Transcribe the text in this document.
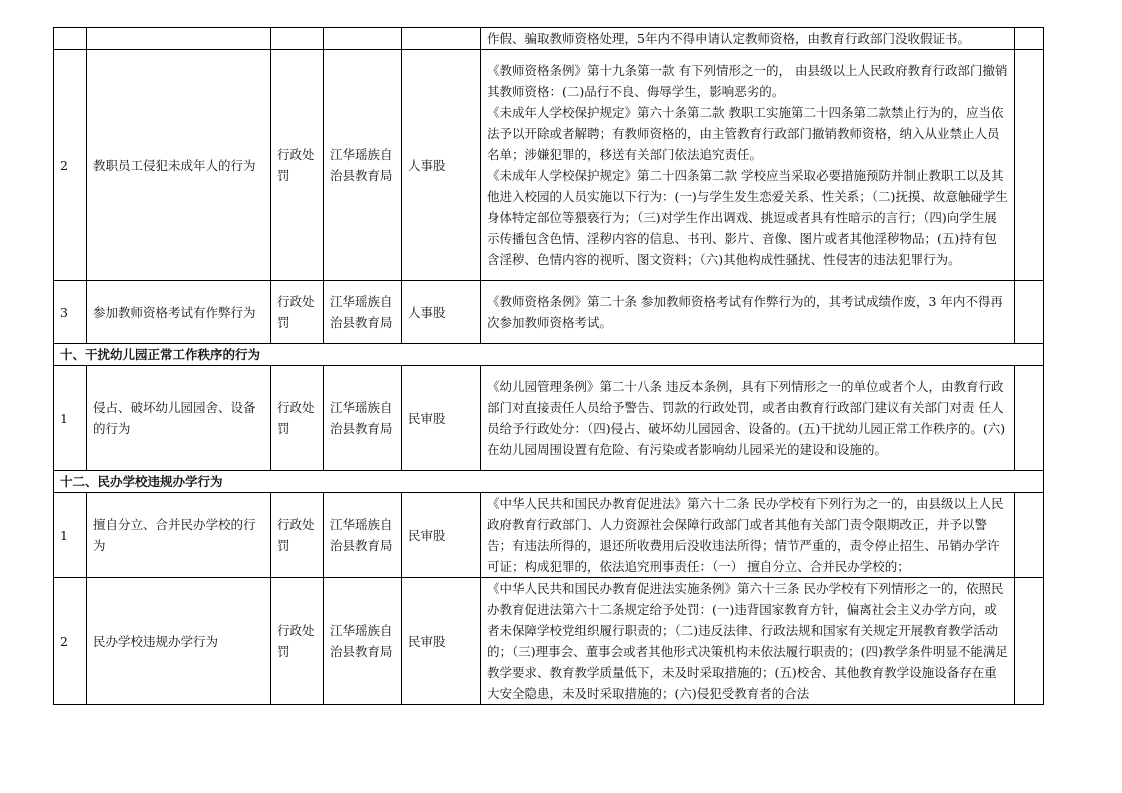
					作假、骗取教师资格处理，5年内不得申请认定教师资格，由教育行政部门没收假证书。	
2	教职员工侵犯未成年人的行为	行政处罚	江华瑶族自治县教育局	人事股	《教师资格条例》第十九条第一款 有下列情形之一的， 由县级以上人民政府教育行政部门撤销其教师资格：(二)品行不良、侮辱学生，影响恶劣的。
《未成年人学校保护规定》第六十条第二款 教职工实施第二十四条第二款禁止行为的，应当依法予以开除或者解聘；有教师资格的，由主管教育行政部门撤销教师资格，纳入从业禁止人员名单；涉嫌犯罪的，移送有关部门依法追究责任。
《未成年人学校保护规定》第二十四条第二款 学校应当采取必要措施预防并制止教职工以及其他进入校园的人员实施以下行为：(一)与学生发生恋爱关系、性关系；（二)抚摸、故意触碰学生身体特定部位等猥亵行为；（三)对学生作出调戏、挑逗或者具有性暗示的言行；（四)向学生展示传播包含色情、淫秽内容的信息、书刊、影片、音像、图片或者其他淫秽物品；(五)持有包含淫秽、色情内容的视听、图文资料；（六)其他构成性骚扰、性侵害的违法犯罪行为。	

3	参加教师资格考试有作弊行为	行政处罚	江华瑶族自治县教育局	人事股	《教师资格条例》第二十条 参加教师资格考试有作弊行为的，其考试成绩作废，3 年内不得再次参加教师资格考试。	
十、干扰幼儿园正常工作秩序的行为						
1	侵占、破坏幼儿园园舍、设备的行为	行政处罚	江华瑶族自治县教育局	民审股	《幼儿园管理条例》第二十八条 违反本条例，具有下列情形之一的单位或者个人，由教育行政部门对直接责任人员给予警告、罚款的行政处罚，或者由教育行政部门建议有关部门对责 任人员给予行政处分：（四)侵占、破坏幼儿园园舍、设备的。(五)干扰幼儿园正常工作秩序的。(六)在幼儿园周围设置有危险、有污染或者影响幼儿园采光的建设和设施的。	
十二、民办学校违规办学行为						
1	擅自分立、合并民办学校的行为	行政处罚	江华瑶族自治县教育局	民审股	《中华人民共和国民办教育促进法》第六十二条 民办学校有下列行为之一的，由县级以上人民政府教育行政部门、人力资源社会保障行政部门或者其他有关部门责令限期改正，并予以警告；有违法所得的，退还所收费用后没收违法所得；情节严重的，责令停止招生、吊销办学许可证；构成犯罪的，依法追究刑事责任：（一） 擅自分立、合并民办学校的；	
2	民办学校违规办学行为	行政处罚	江华瑶族自治县教育局	民审股	《中华人民共和国民办教育促进法实施条例》第六十三条 民办学校有下列情形之一的，依照民办教育促进法第六十二条规定给予处罚：(一)违背国家教育方针，偏离社会主义办学方向，或者未保障学校党组织履行职责的；（二)违反法律、行政法规和国家有关规定开展教育教学活动的；（三)理事会、董事会或者其他形式决策机构未依法履行职责的；(四)教学条件明显不能满足教学要求、教育教学质量低下，未及时采取措施的；(五)校舍、其他教育教学设施设备存在重大安全隐患，未及时采取措施的；(六)侵犯受教育者的合法	
